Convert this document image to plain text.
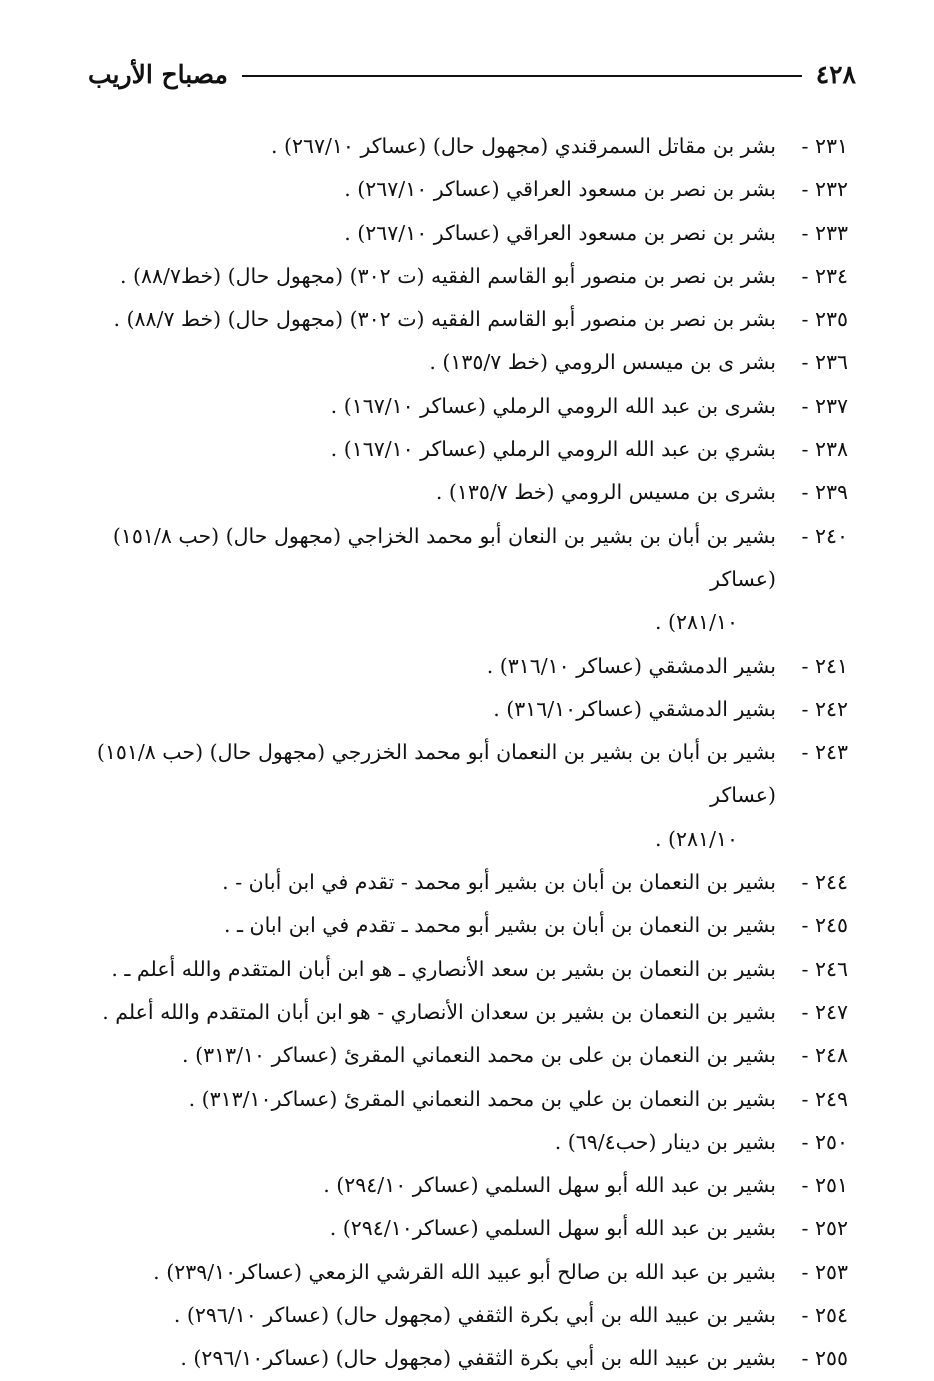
٤٢٨
مصباح الأريب
٢٣١ -
بشر بن مقاتل السمرقندي (مجهول حال) (عساكر ٢٦٧/١٠) .
٢٣٢ -
بشر بن نصر بن مسعود العراقي (عساكر ٢٦٧/١٠) .
٢٣٣ -
بشر بن نصر بن مسعود العراقي (عساكر ٢٦٧/١٠) .
٢٣٤ -
بشر بن نصر بن منصور أبو القاسم الفقيه (ت ٣٠٢) (مجهول حال) (خط٨٨/٧) .
٢٣٥ -
بشر بن نصر بن منصور أبو القاسم الفقيه (ت ٣٠٢) (مجهول حال) (خط ٨٨/٧) .
٢٣٦ -
بشر ى بن ميسس الرومي (خط ١٣٥/٧) .
٢٣٧ -
بشرى بن عبد الله الرومي الرملي (عساكر ١٦٧/١٠) .
٢٣٨ -
بشري بن عبد الله الرومي الرملي (عساكر ١٦٧/١٠) .
٢٣٩ -
بشرى بن مسيس الرومي (خط ١٣٥/٧) .
٢٤٠ -
بشير بن أبان بن بشير بن النعان أبو محمد الخزاجي (مجهول حال) (حب ١٥١/٨) (عساكر
٢٨١/١٠) .
٢٤١ -
بشير الدمشقي (عساكر ٣١٦/١٠) .
٢٤٢ -
بشير الدمشقي (عساكر٣١٦/١٠) .
٢٤٣ -
بشير بن أبان بن بشير بن النعمان أبو محمد الخزرجي (مجهول حال) (حب ١٥١/٨) (عساكر
٢٨١/١٠) .
٢٤٤ -
بشير بن النعمان بن أبان بن بشير أبو محمد - تقدم في ابن أبان - .
٢٤٥ -
بشير بن النعمان بن أبان بن بشير أبو محمد ـ تقدم في ابن ابان ـ .
٢٤٦ -
بشير بن النعمان بن بشير بن سعد الأنصاري ـ هو ابن أبان المتقدم والله أعلم ـ .
٢٤٧ -
بشير بن النعمان بن بشير بن سعدان الأنصاري - هو ابن أبان المتقدم والله أعلم .
٢٤٨ -
بشير بن النعمان بن على بن محمد النعماني المقرئ (عساكر ٣١٣/١٠) .
٢٤٩ -
بشير بن النعمان بن علي بن محمد النعماني المقرئ (عساكر٣١٣/١٠) .
٢٥٠ -
بشير بن دينار (حب٦٩/٤) .
٢٥١ -
بشير بن عبد الله أبو سهل السلمي (عساكر ٢٩٤/١٠) .
٢٥٢ -
بشير بن عبد الله أبو سهل السلمي (عساكر٢٩٤/١٠) .
٢٥٣ -
بشير بن عبد الله بن صالح أبو عبيد الله القرشي الزمعي (عساكر٢٣٩/١٠) .
٢٥٤ -
بشير بن عبيد الله بن أبي بكرة الثقفي (مجهول حال) (عساكر ٢٩٦/١٠) .
٢٥٥ -
بشير بن عبيد الله بن أبي بكرة الثقفي (مجهول حال) (عساكر٢٩٦/١٠) .
